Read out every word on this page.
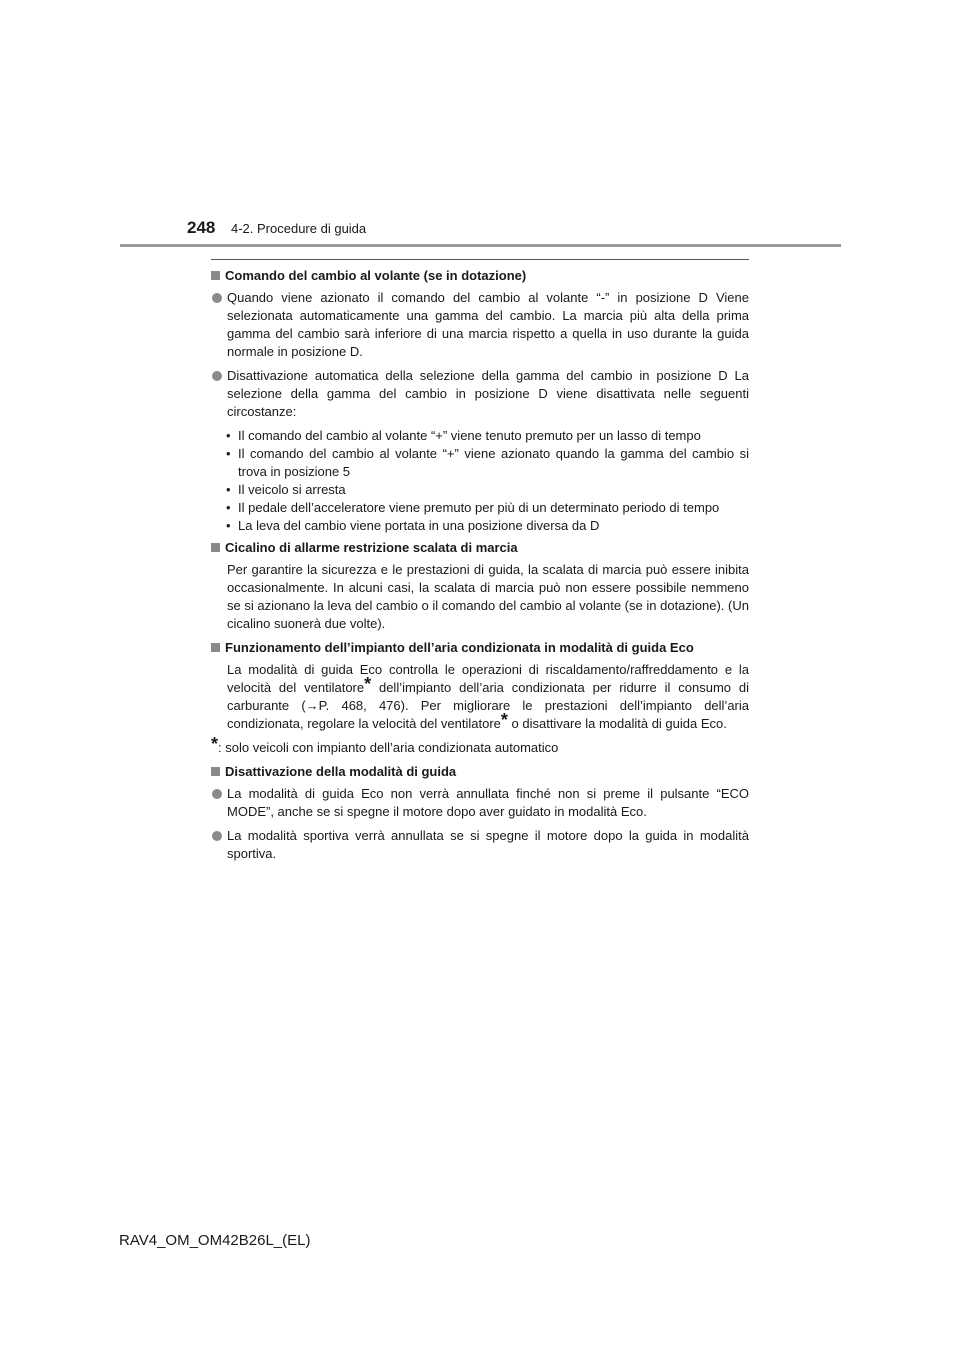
248 4-2. Procedure di guida
Comando del cambio al volante (se in dotazione)
Quando viene azionato il comando del cambio al volante “-” in posizione D Viene selezionata automaticamente una gamma del cambio. La marcia più alta della prima gamma del cambio sarà inferiore di una marcia rispetto a quella in uso durante la guida normale in posizione D.
Disattivazione automatica della selezione della gamma del cambio in posizione D La selezione della gamma del cambio in posizione D viene disattivata nelle seguenti circostanze:
• Il comando del cambio al volante “+” viene tenuto premuto per un lasso di tempo
• Il comando del cambio al volante “+” viene azionato quando la gamma del cambio si trova in posizione 5
• Il veicolo si arresta
• Il pedale dell’acceleratore viene premuto per più di un determinato periodo di tempo
• La leva del cambio viene portata in una posizione diversa da D
Cicalino di allarme restrizione scalata di marcia
Per garantire la sicurezza e le prestazioni di guida, la scalata di marcia può essere inibita occasionalmente. In alcuni casi, la scalata di marcia può non essere possibile nemmeno se si azionano la leva del cambio o il comando del cambio al volante (se in dotazione). (Un cicalino suonerà due volte).
Funzionamento dell’impianto dell’aria condizionata in modalità di guida Eco
La modalità di guida Eco controlla le operazioni di riscaldamento/raffreddamento e la velocità del ventilatore* dell’impianto dell’aria condizionata per ridurre il consumo di carburante (→P. 468, 476). Per migliorare le prestazioni dell’impianto dell’aria condizionata, regolare la velocità del ventilatore* o disattivare la modalità di guida Eco.
*: solo veicoli con impianto dell’aria condizionata automatico
Disattivazione della modalità di guida
La modalità di guida Eco non verrà annullata finché non si preme il pulsante “ECO MODE”, anche se si spegne il motore dopo aver guidato in modalità Eco.
La modalità sportiva verrà annullata se si spegne il motore dopo la guida in modalità sportiva.
RAV4_OM_OM42B26L_(EL)
